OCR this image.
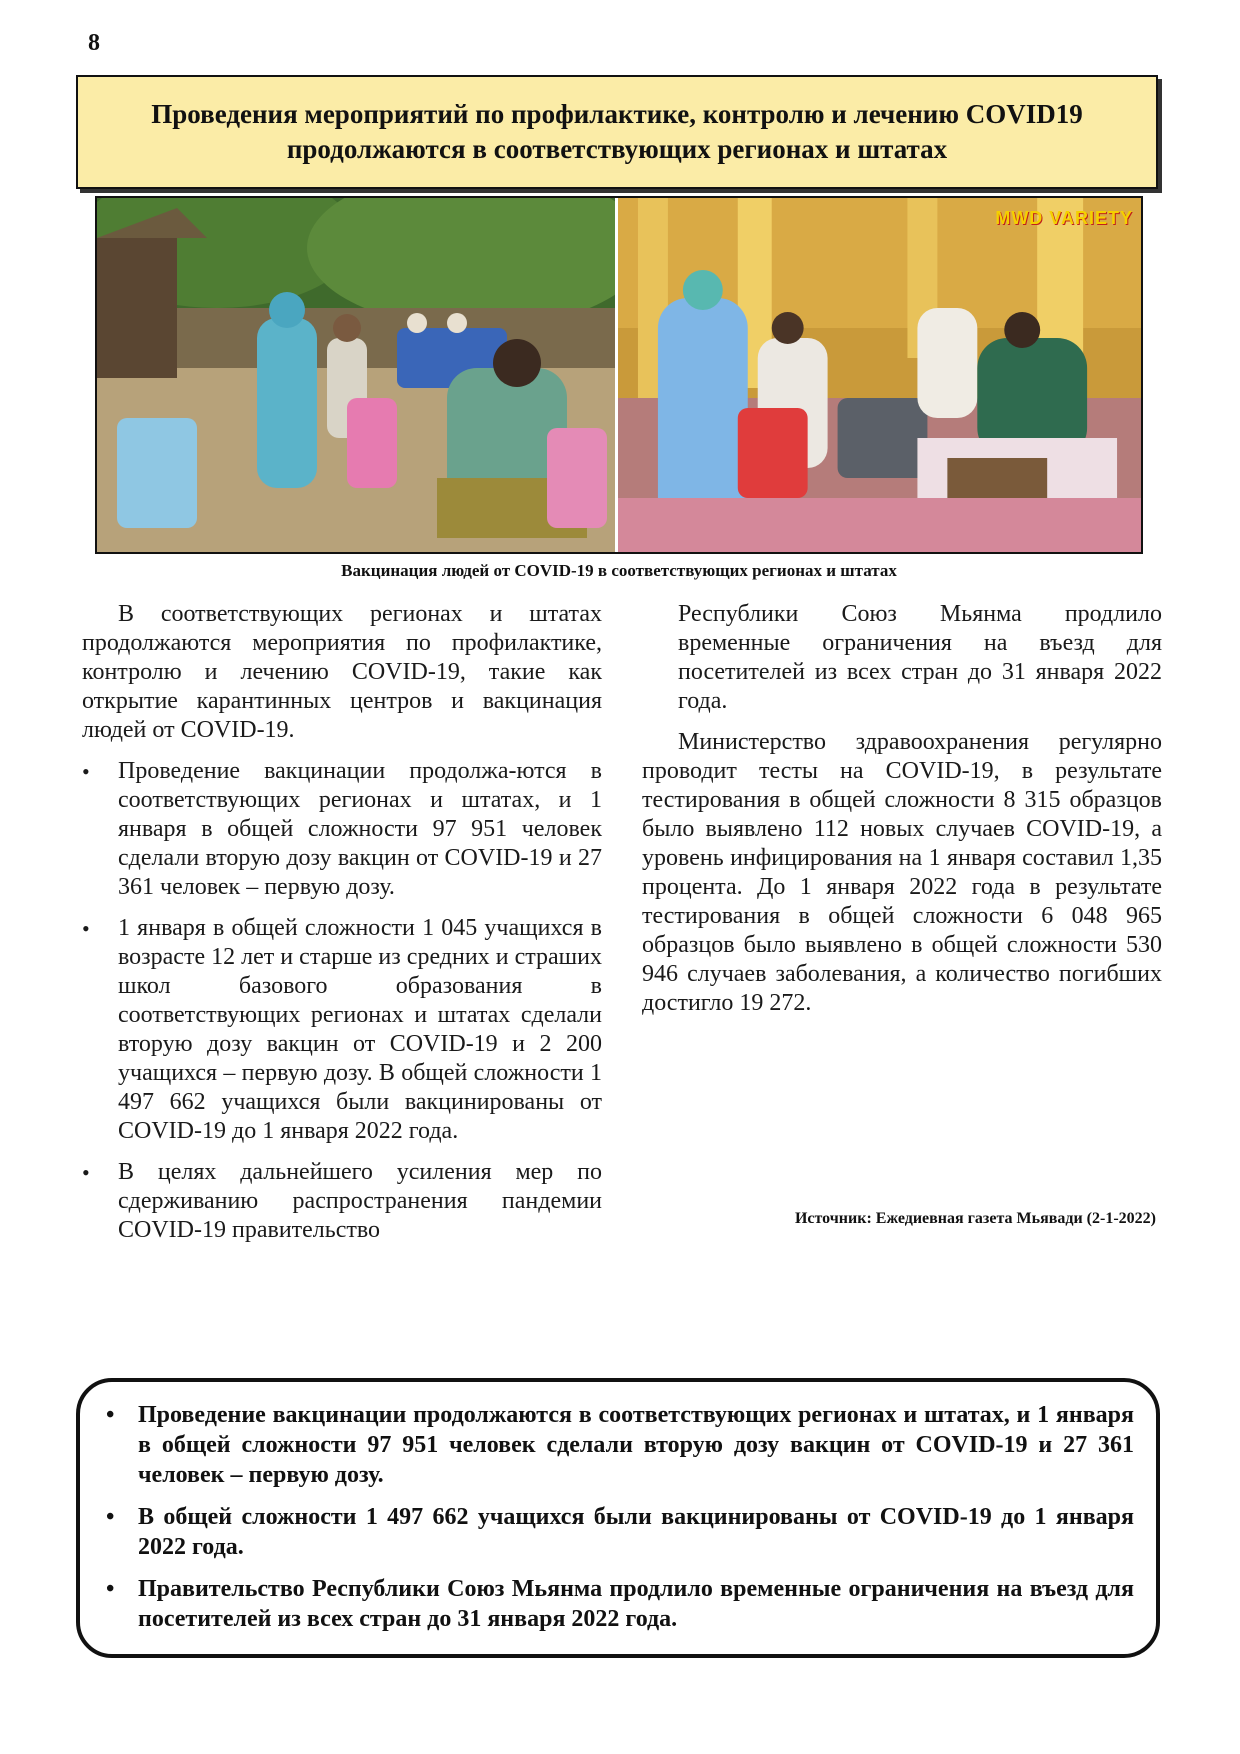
8
Проведения мероприятий по профилактике, контролю и лечению COVID19 продолжаются в соответствующих регионах и штатах
MWD VARIETY
Вакцинация людей от COVID-19 в соответствующих регионах и штатах

В соответствующих регионах и штатах продолжаются мероприятия по профилактике, контролю и лечению COVID-19, такие как открытие карантинных центров и вакцинация людей от COVID-19.

• Проведение вакцинации продолжа-ются в соответствующих регионах и штатах, и 1 января в общей сложности 97 951 человек сделали вторую дозу вакцин от COVID-19 и 27 361 человек – первую дозу.
• 1 января в общей сложности 1 045 учащихся в возрасте 12 лет и старше из средних и страших школ базового образования в соответствующих регионах и штатах сделали вторую дозу вакцин от COVID-19 и 2 200 учащихся – первую дозу. В общей сложности 1 497 662 учащихся были вакцинированы от COVID-19 до 1 января 2022 года.
• В целях дальнейшего усиления мер по сдерживанию распространения пандемии COVID-19 правительство

Республики Союз Мьянма продлило временные ограничения на въезд для посетителей из всех стран до 31 января 2022 года.

Министерство здравоохранения регулярно проводит тесты на COVID-19, в результате тестирования в общей сложности 8 315 образцов было выявлено 112 новых случаев COVID-19, а уровень инфицирования на 1 января составил 1,35 процента. До 1 января 2022 года в результате тестирования в общей сложности 6 048 965 образцов было выявлено в общей сложности 530 946 случаев заболевания, а количество погибших достигло 19 272.

Источник: Ежедиевная газета Мьявади (2-1-2022)
• Проведение вакцинации продолжаются в соответствующих регионах и штатах, и 1 января в общей сложности 97 951 человек сделали вторую дозу вакцин от COVID-19 и 27 361 человек – первую дозу.
• В общей сложности 1 497 662 учащихся были вакцинированы от COVID-19 до 1 января 2022 года.
• Правительство Республики Союз Мьянма продлило временные ограничения на въезд для посетителей из всех стран до 31 января 2022 года.
